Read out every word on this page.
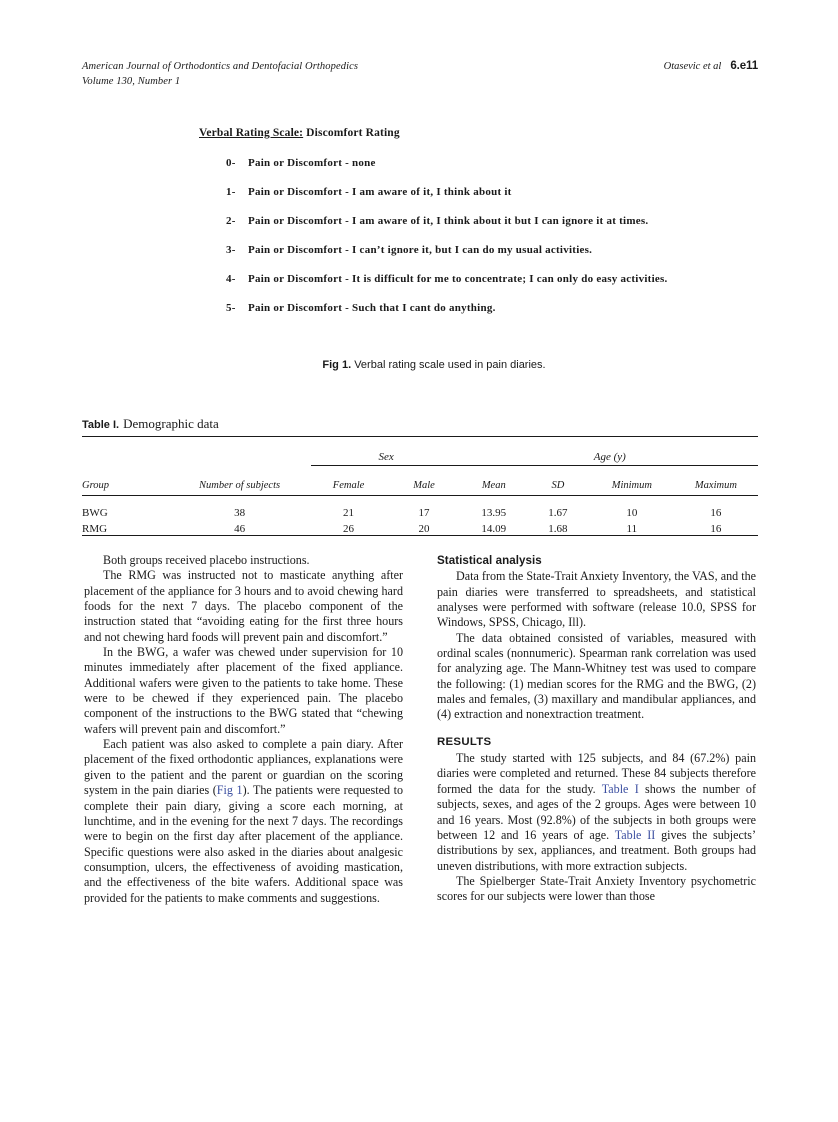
American Journal of Orthodontics and Dentofacial Orthopedics
Volume 130, Number 1
Otasevic et al 6.e11
Verbal Rating Scale: Discomfort Rating
0-	Pain or Discomfort - none
1-	Pain or Discomfort - I am aware of it, I think about it
2-	Pain or Discomfort - I am aware of it, I think about it but I can ignore it at times.
3-	Pain or Discomfort - I can’t ignore it, but I can do my usual activities.
4-	Pain or Discomfort - It is difficult for me to concentrate; I can only do easy activities.
5-	Pain or Discomfort - Such that I cant do anything.
Fig 1. Verbal rating scale used in pain diaries.
Table I. Demographic data
		Sex		Age (y)			
Group	Number of subjects	Female	Male	Mean	SD	Minimum	Maximum
BWG	38	21	17	13.95	1.67	10	16
RMG	46	26	20	14.09	1.68	11	16

Both groups received placebo instructions.

The RMG was instructed not to masticate anything after placement of the appliance for 3 hours and to avoid chewing hard foods for the next 7 days. The placebo component of the instruction stated that “avoiding eating for the first three hours and not chewing hard foods will prevent pain and discomfort.”

In the BWG, a wafer was chewed under supervision for 10 minutes immediately after placement of the fixed appliance. Additional wafers were given to the patients to take home. These were to be chewed if they experienced pain. The placebo component of the instructions to the BWG stated that “chewing wafers will prevent pain and discomfort.”

Each patient was also asked to complete a pain diary. After placement of the fixed orthodontic appliances, explanations were given to the patient and the parent or guardian on the scoring system in the pain diaries (Fig 1). The patients were requested to complete their pain diary, giving a score each morning, at lunchtime, and in the evening for the next 7 days. The recordings were to begin on the first day after placement of the appliance. Specific questions were also asked in the diaries about analgesic consumption, ulcers, the effectiveness of avoiding mastication, and the effectiveness of the bite wafers. Additional space was provided for the patients to make comments and suggestions.

Statistical analysis

Data from the State-Trait Anxiety Inventory, the VAS, and the pain diaries were transferred to spreadsheets, and statistical analyses were performed with software (release 10.0, SPSS for Windows, SPSS, Chicago, Ill).

The data obtained consisted of variables, measured with ordinal scales (nonnumeric). Spearman rank correlation was used for analyzing age. The Mann-Whitney test was used to compare the following: (1) median scores for the RMG and the BWG, (2) males and females, (3) maxillary and mandibular appliances, and (4) extraction and nonextraction treatment.

RESULTS

The study started with 125 subjects, and 84 (67.2%) pain diaries were completed and returned. These 84 subjects therefore formed the data for the study. Table I shows the number of subjects, sexes, and ages of the 2 groups. Ages were between 10 and 16 years. Most (92.8%) of the subjects in both groups were between 12 and 16 years of age. Table II gives the subjects’ distributions by sex, appliances, and treatment. Both groups had uneven distributions, with more extraction subjects.

The Spielberger State-Trait Anxiety Inventory psychometric scores for our subjects were lower than those
